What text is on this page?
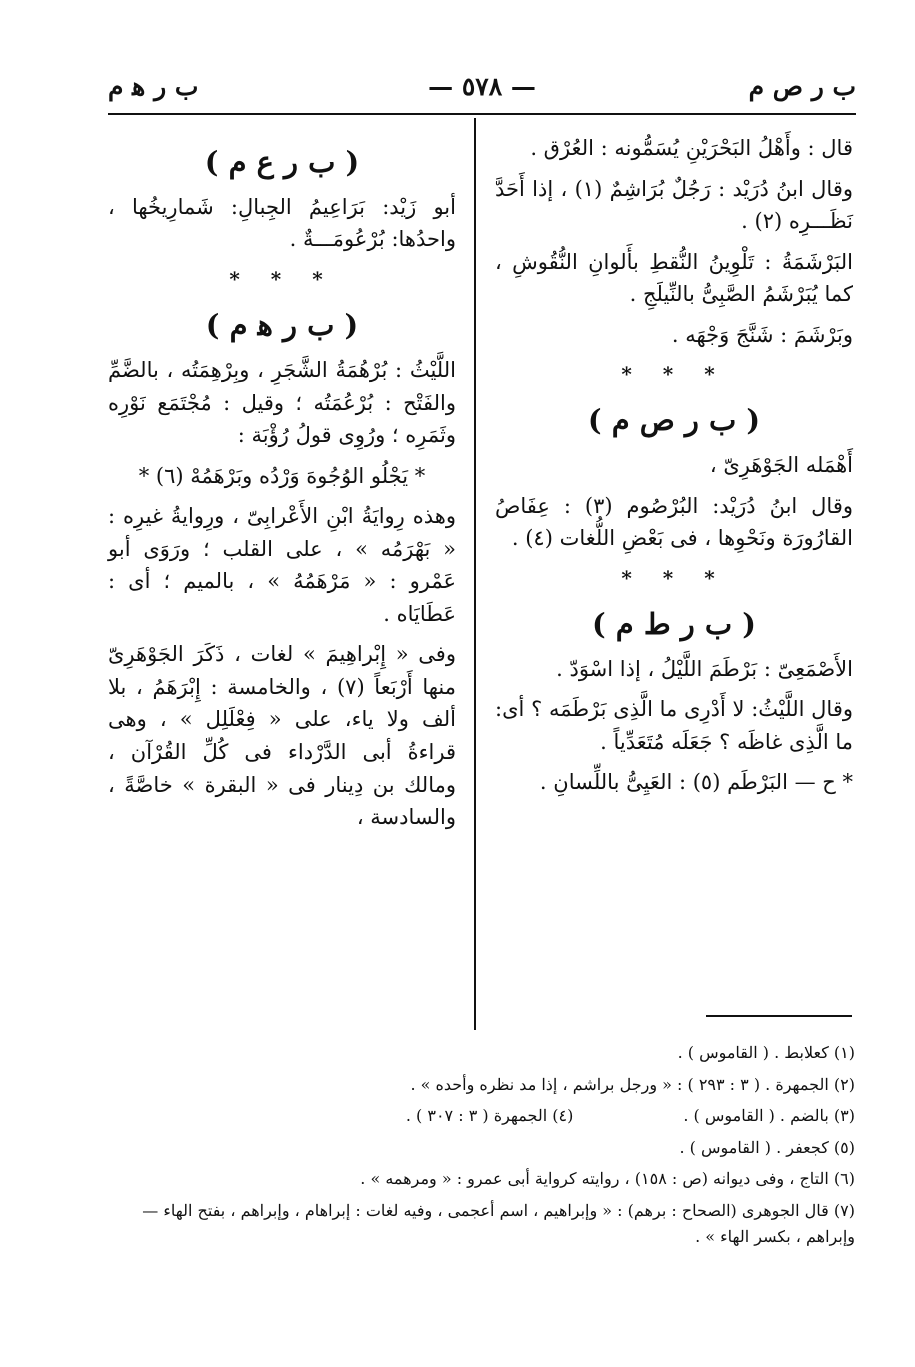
ب ر ص م
— ٥٧٨ —
ب ر ﻫ م

قال : وأَهْلُ البَحْرَيْنِ يُسَمُّونه : العُرْق .

وقال ابنُ دُرَيْد : رَجُلٌ بُرَاشِمٌ (١) ، إذا أَحَدَّ نَظَـــرِه (٢) .

البَرْشَمَةُ : تَلْوِينُ النُّقطِ بأَلوانِ النُّقُوشِ ، كما يُبَرْشَمُ الصَّبِىُّ بالنِّيلَجِ .

وبَرْشَمَ : شَنَّجَ وَجْهَه .

* * *
( ب ر ص م )

أَهْمَله الجَوْهَرِىّ ،

وقال ابنُ دُرَيْد: البُرْصُوم (٣) : عِفَاصُ القارُورَة ونَحْوِها ، فى بَعْضِ اللُّغات (٤) .

* * *
( ب ر ط م )

الأَصْمَعِىّ : بَرْطَمَ اللَّيْلُ ، إذا اسْوَدّ .

وقال اللَّيْثُ: لا أَدْرِى ما الَّذِى بَرْطَمَه ؟ أى: ما الَّذِى غاظَه ؟ جَعَلَه مُتَعَدِّياً .

* ح — البَرْطَم (٥) : العَيِىُّ باللِّسانِ .

( ب ر ع م )

أبو زَيْد: بَرَاعِيمُ الجِبالِ: شَمارِيخُها ، واحدُها: بُرْعُومَـــةٌ .

* * *
( ب ر ﻫ م )

اللَّيْثُ : بُرْهُمَةُ الشَّجَرِ ، وبِرْهِمَتُه ، بالضَّمِّ والفَتْح : بُرْعُمَتُه ؛ وقيل : مُجْتَمَع نَوْرِه وثَمَرِه ؛ ورُوِى قولُ رُؤْبَة :

* يَجْلُو الوُجُوهَ وَرْدُه وبَرْهَمُهْ (٦) *

وهذه رِوايَةُ ابْنِ الأَعْرابِىّ ، ورِوايةُ غيرِه : « بَهْرَمُه » ، على القلب ؛ ورَوَى أبو عَمْرو : « مَرْهَمُهُ » ، بالميم ؛ أى : عَطَايَاه .

وفى « إِبْراهِيمَ » لغات ، ذَكَرَ الجَوْهَرِىّ منها أَرْبَعاً (٧) ، والخامسة : إِبْرَهَمُ ، بلا ألف ولا ياء، على « فِعْلَلِل » ، وهى قراءةُ أبى الدَّرْداء فى كُلِّ القُرْآن ، ومالك بن دِينار فى « البقرة » خاصَّةً ، والسادسة ،

(١) كعلابط . ( القاموس ) .
(٢) الجمهرة . ( ٣ : ٢٩٣ ) : « ورجل براشم ، إذا مد نظره وأحده » .
(٣) بالضم . ( القاموس ) .
(٤) الجمهرة ( ٣ : ٣٠٧ ) .
(٥) كجعفر . ( القاموس ) .
(٦) التاج ، وفى ديوانه (ص : ١٥٨) ، روايته كرواية أبى عمرو : « ومرهمه » .
(٧) قال الجوهرى (الصحاح : برهم) : « وإبراهيم ، اسم أعجمى ، وفيه لغات : إبراهام ، وإبراهم ، بفتح الهاء — وإبراهم ، بكسر الهاء » .
